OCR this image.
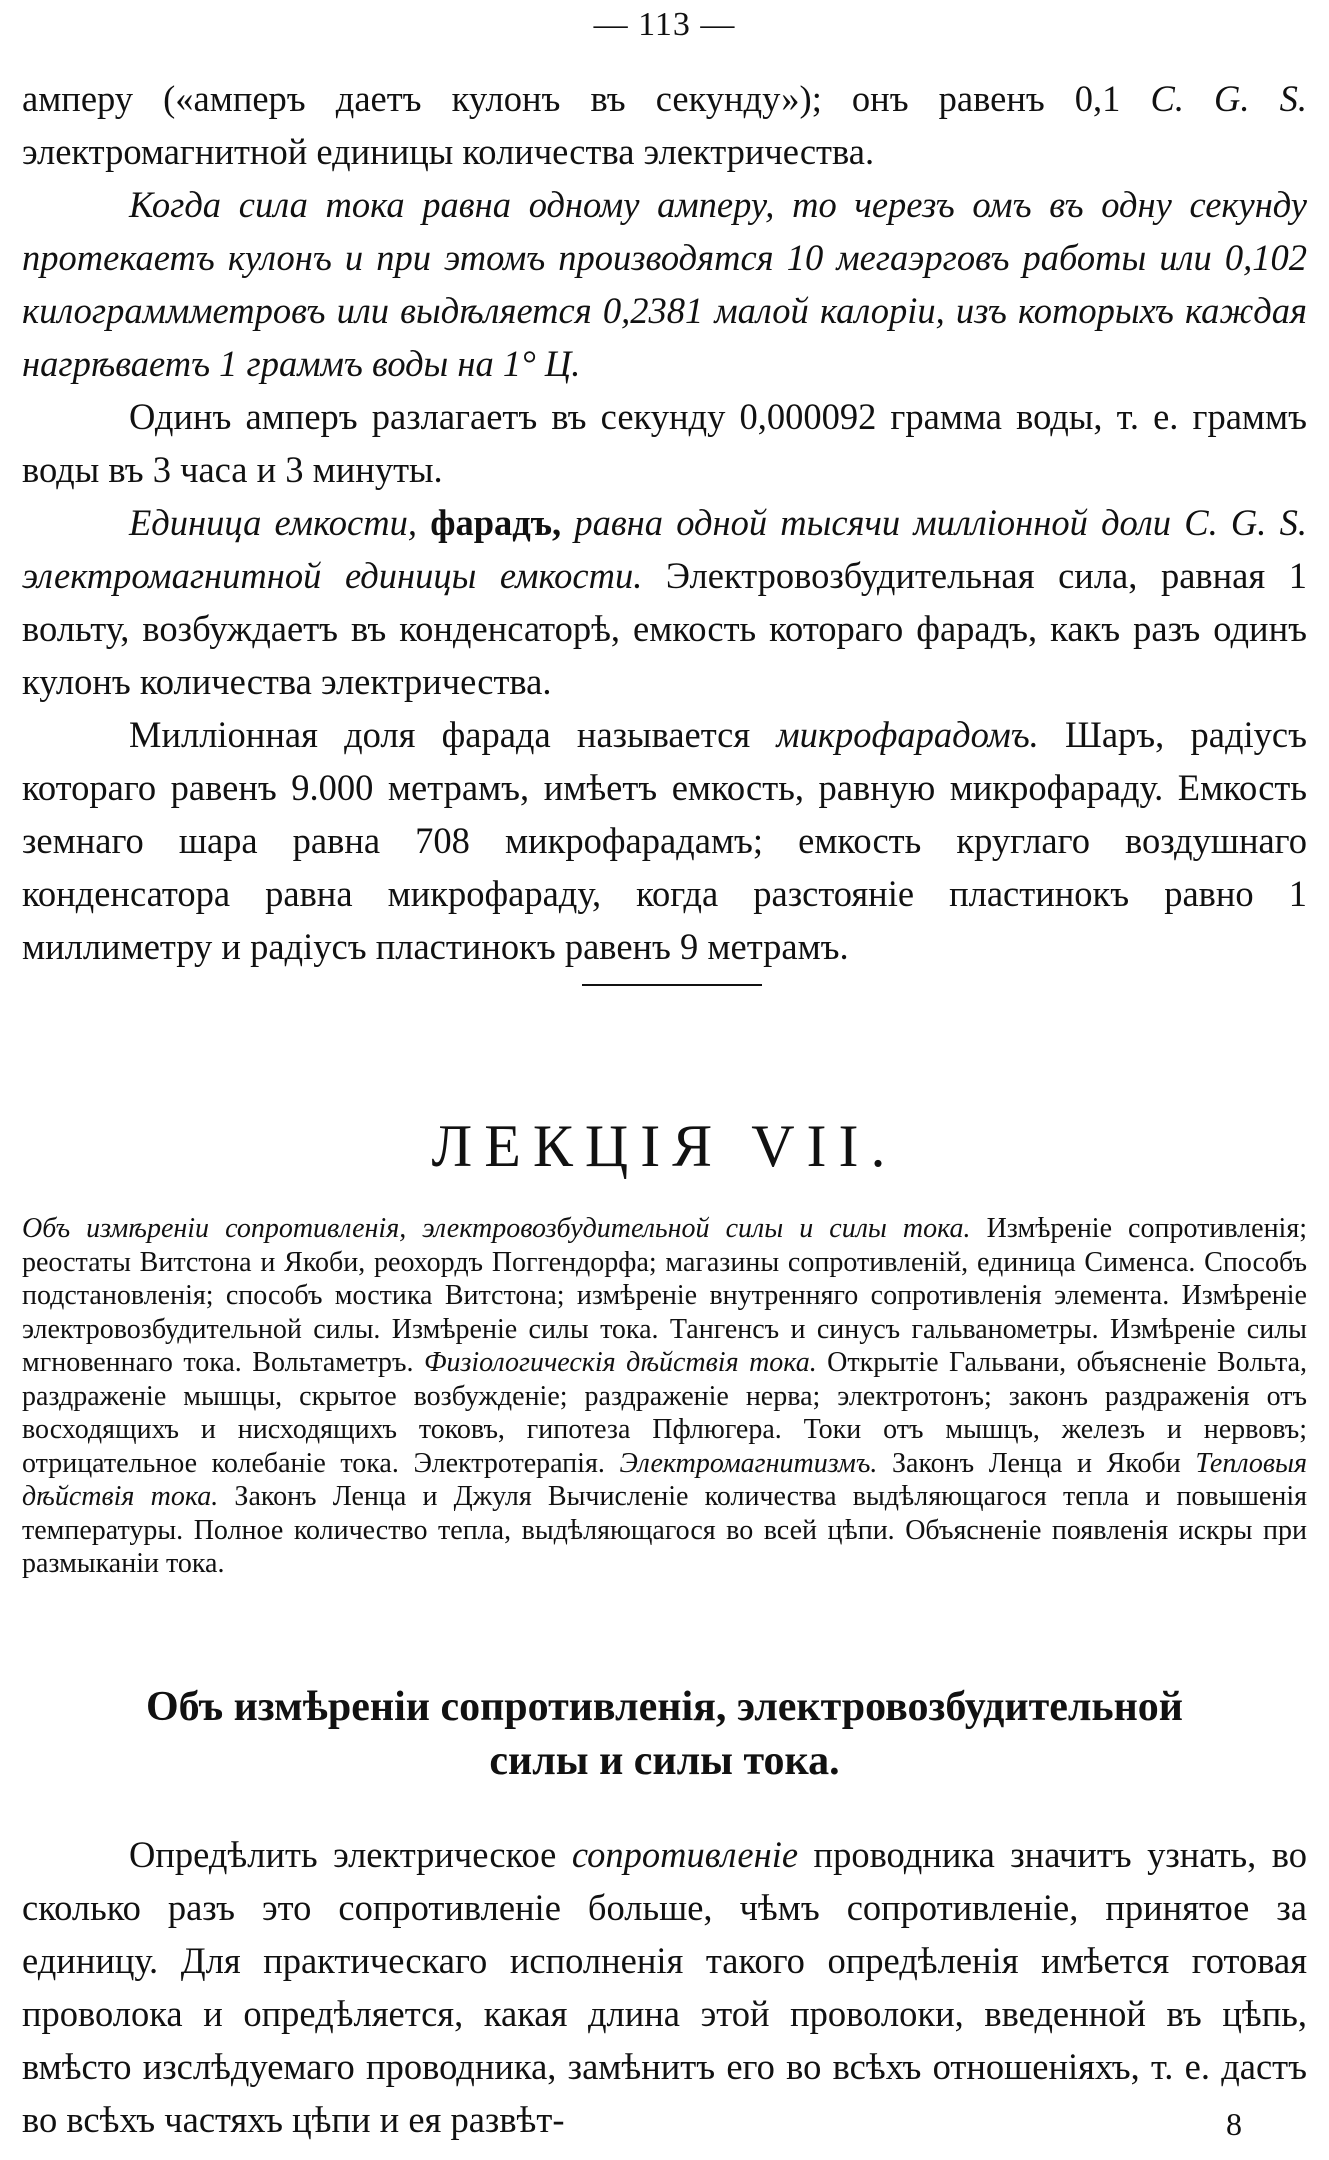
— 113 —

амперу («амперъ даетъ кулонъ въ секунду»); онъ равенъ 0,1 C. G. S. электромагнитной единицы количества электричества.

Когда сила тока равна одному амперу, то черезъ омъ въ одну секунду протекаетъ кулонъ и при этомъ производятся 10 мегаэрговъ работы или 0,102 килограммметровъ или выдѣляется 0,2381 малой калоріи, изъ которыхъ каждая нагрѣваетъ 1 граммъ воды на 1° Ц.

Одинъ амперъ разлагаетъ въ секунду 0,000092 грамма воды, т. е. граммъ воды въ 3 часа и 3 минуты.

Единица емкости, фарадъ, равна одной тысячи милліонной доли C. G. S. электромагнитной единицы емкости. Электровозбудительная сила, равная 1 вольту, возбуждаетъ въ конденсаторѣ, емкость котораго фарадъ, какъ разъ одинъ кулонъ количества электричества.

Милліонная доля фарада называется микрофарадомъ. Шаръ, радіусъ котораго равенъ 9.000 метрамъ, имѣетъ емкость, равную микрофараду. Емкость земнаго шара равна 708 микрофарадамъ; емкость круглаго воздушнаго конденсатора равна микрофараду, когда разстояніе пластинокъ равно 1 миллиметру и радіусъ пластинокъ равенъ 9 метрамъ.

ЛЕКЦІЯ VII.
Объ измѣреніи сопротивленія, электровозбудительной силы и силы тока. Измѣреніе сопротивленія; реостаты Витстона и Якоби, реохордъ Поггендорфа; магазины сопротивленій, единица Сименса. Способъ подстановленія; способъ мостика Витстона; измѣреніе внутренняго сопротивленія элемента. Измѣреніе электровозбудительной силы. Измѣреніе силы тока. Тангенсъ и синусъ гальванометры. Измѣреніе силы мгновеннаго тока. Вольтаметръ. Физіологическія дѣйствія тока. Открытіе Гальвани, объясненіе Вольта, раздраженіе мышцы, скрытое возбужденіе; раздраженіе нерва; электротонъ; законъ раздраженія отъ восходящихъ и нисходящихъ токовъ, гипотеза Пфлюгера. Токи отъ мышцъ, железъ и нервовъ; отрицательное колебаніе тока. Электротерапія. Электромагнитизмъ. Законъ Ленца и Якоби Тепловыя дѣйствія тока. Законъ Ленца и Джуля Вычисленіе количества выдѣляющагося тепла и повышенія температуры. Полное количество тепла, выдѣляющагося во всей цѣпи. Объясненіе появленія искры при размыканіи тока.
Объ измѣреніи сопротивленія, электровозбудительной
силы и силы тока.

Опредѣлить электрическое сопротивленіе проводника значитъ узнать, во сколько разъ это сопротивленіе больше, чѣмъ сопротивленіе, принятое за единицу. Для практическаго исполненія такого опредѣленія имѣется готовая проволока и опредѣляется, какая длина этой проволоки, введенной въ цѣпь, вмѣсто изслѣдуемаго проводника, замѣнитъ его во всѣхъ отношеніяхъ, т. е. дастъ во всѣхъ частяхъ цѣпи и ея развѣт-	8
